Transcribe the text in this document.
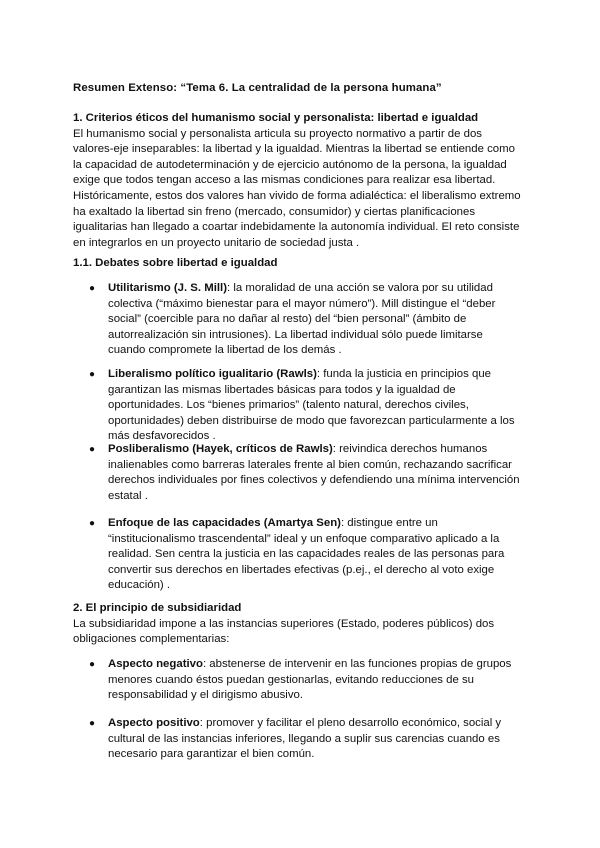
Resumen Extenso: “Tema 6. La centralidad de la persona humana”
1. Criterios éticos del humanismo social y personalista: libertad e igualdad
El humanismo social y personalista articula su proyecto normativo a partir de dos valores-eje inseparables: la libertad y la igualdad. Mientras la libertad se entiende como la capacidad de autodeterminación y de ejercicio autónomo de la persona, la igualdad exige que todos tengan acceso a las mismas condiciones para realizar esa libertad. Históricamente, estos dos valores han vivido de forma adialéctica: el liberalismo extremo ha exaltado la libertad sin freno (mercado, consumidor) y ciertas planificaciones igualitarias han llegado a coartar indebidamente la autonomía individual. El reto consiste en integrarlos en un proyecto unitario de sociedad justa .
1.1. Debates sobre libertad e igualdad
● Utilitarismo (J. S. Mill): la moralidad de una acción se valora por su utilidad colectiva (“máximo bienestar para el mayor número”). Mill distingue el “deber social” (coercible para no dañar al resto) del “bien personal” (ámbito de autorrealización sin intrusiones). La libertad individual sólo puede limitarse cuando compromete la libertad de los demás .
● Liberalismo político igualitario (Rawls): funda la justicia en principios que garantizan las mismas libertades básicas para todos y la igualdad de oportunidades. Los “bienes primarios” (talento natural, derechos civiles, oportunidades) deben distribuirse de modo que favorezcan particularmente a los más desfavorecidos .
● Posliberalismo (Hayek, críticos de Rawls): reivindica derechos humanos inalienables como barreras laterales frente al bien común, rechazando sacrificar derechos individuales por fines colectivos y defendiendo una mínima intervención estatal .
● Enfoque de las capacidades (Amartya Sen): distingue entre un “institucionalismo trascendental” ideal y un enfoque comparativo aplicado a la realidad. Sen centra la justicia en las capacidades reales de las personas para convertir sus derechos en libertades efectivas (p.ej., el derecho al voto exige educación) .
2. El principio de subsidiaridad
La subsidiaridad impone a las instancias superiores (Estado, poderes públicos) dos obligaciones complementarias:
● Aspecto negativo: abstenerse de intervenir en las funciones propias de grupos menores cuando éstos puedan gestionarlas, evitando reducciones de su responsabilidad y el dirigismo abusivo.
● Aspecto positivo: promover y facilitar el pleno desarrollo económico, social y cultural de las instancias inferiores, llegando a suplir sus carencias cuando es necesario para garantizar el bien común.
